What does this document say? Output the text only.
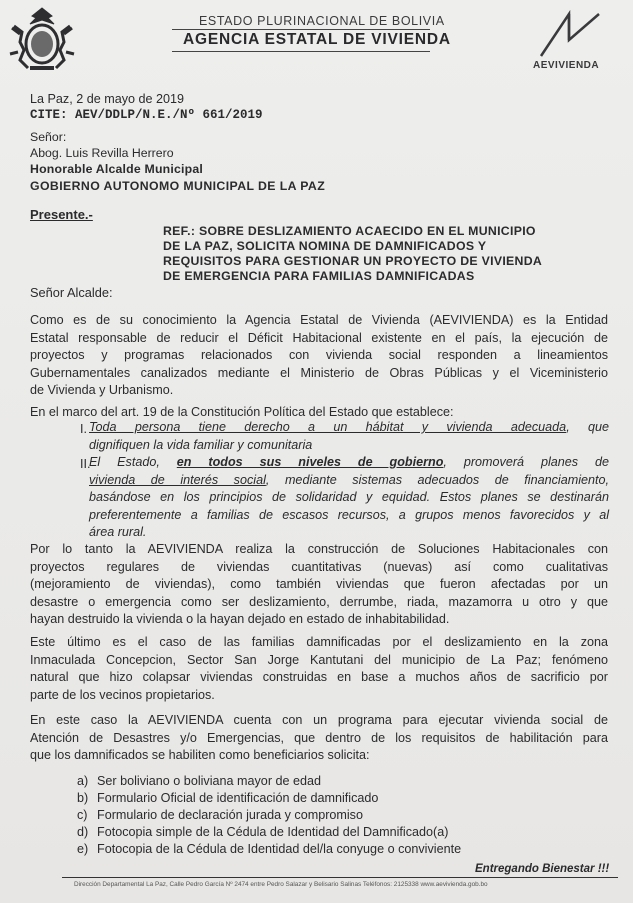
ESTADO PLURINACIONAL DE BOLIVIA
AGENCIA ESTATAL DE VIVIENDA
AEVIVIENDA
La Paz, 2 de mayo de 2019
CITE: AEV/DDLP/N.E./Nº 661/2019
Señor:
Abog. Luis Revilla Herrero
Honorable Alcalde Municipal
GOBIERNO AUTONOMO MUNICIPAL DE LA PAZ
Presente.-
REF.: SOBRE DESLIZAMIENTO ACAECIDO EN EL MUNICIPIO
DE LA PAZ, SOLICITA NOMINA DE DAMNIFICADOS Y
REQUISITOS PARA GESTIONAR UN PROYECTO DE VIVIENDA
DE EMERGENCIA PARA FAMILIAS DAMNIFICADAS
Señor Alcalde:
Como es de su conocimiento la Agencia Estatal de Vivienda (AEVIVIENDA) es la Entidad
Estatal responsable de reducir el Déficit Habitacional existente en el país, la ejecución de
proyectos y programas relacionados con vivienda social responden a lineamientos
Gubernamentales canalizados mediante el Ministerio de Obras Públicas y el Viceministerio
de Vivienda y Urbanismo.
En el marco del art. 19 de la Constitución Política del Estado que establece:
I. Toda persona tiene derecho a un hábitat y vivienda adecuada, que
dignifiquen la vida familiar y comunitaria
II.
El Estado, en todos sus niveles de gobierno, promoverá planes de
vivienda de interés social, mediante sistemas adecuados de financiamiento,
basándose en los principios de solidaridad y equidad. Estos planes se destinarán
preferentemente a familias de escasos recursos, a grupos menos favorecidos y al
área rural.
Por lo tanto la AEVIVIENDA realiza la construcción de Soluciones Habitacionales con
proyectos regulares de viviendas cuantitativas (nuevas) así como cualitativas
(mejoramiento de viviendas), como también viviendas que fueron afectadas por un
desastre o emergencia como ser deslizamiento, derrumbe, riada, mazamorra u otro y que
hayan destruido la vivienda o la hayan dejado en estado de inhabitabilidad.
Este último es el caso de las familias damnificadas por el deslizamiento en la zona
Inmaculada Concepcion, Sector San Jorge Kantutani del municipio de La Paz; fenómeno
natural que hizo colapsar viviendas construidas en base a muchos años de sacrificio por
parte de los vecinos propietarios.
En este caso la AEVIVIENDA cuenta con un programa para ejecutar vivienda social de
Atención de Desastres y/o Emergencias, que dentro de los requisitos de habilitación para
que los damnificados se habiliten como beneficiarios solicita:
a) Ser boliviano o boliviana mayor de edad
b) Formulario Oficial de identificación de damnificado
c) Formulario de declaración jurada y compromiso
d) Fotocopia simple de la Cédula de Identidad del Damnificado(a)
e) Fotocopia de la Cédula de Identidad del/la conyuge o conviviente
Entregando Bienestar !!!
Dirección Departamental La Paz, Calle Pedro García Nº 2474 entre Pedro Salazar y Belisario Salinas Teléfonos: 2125338 www.aevivienda.gob.bo
